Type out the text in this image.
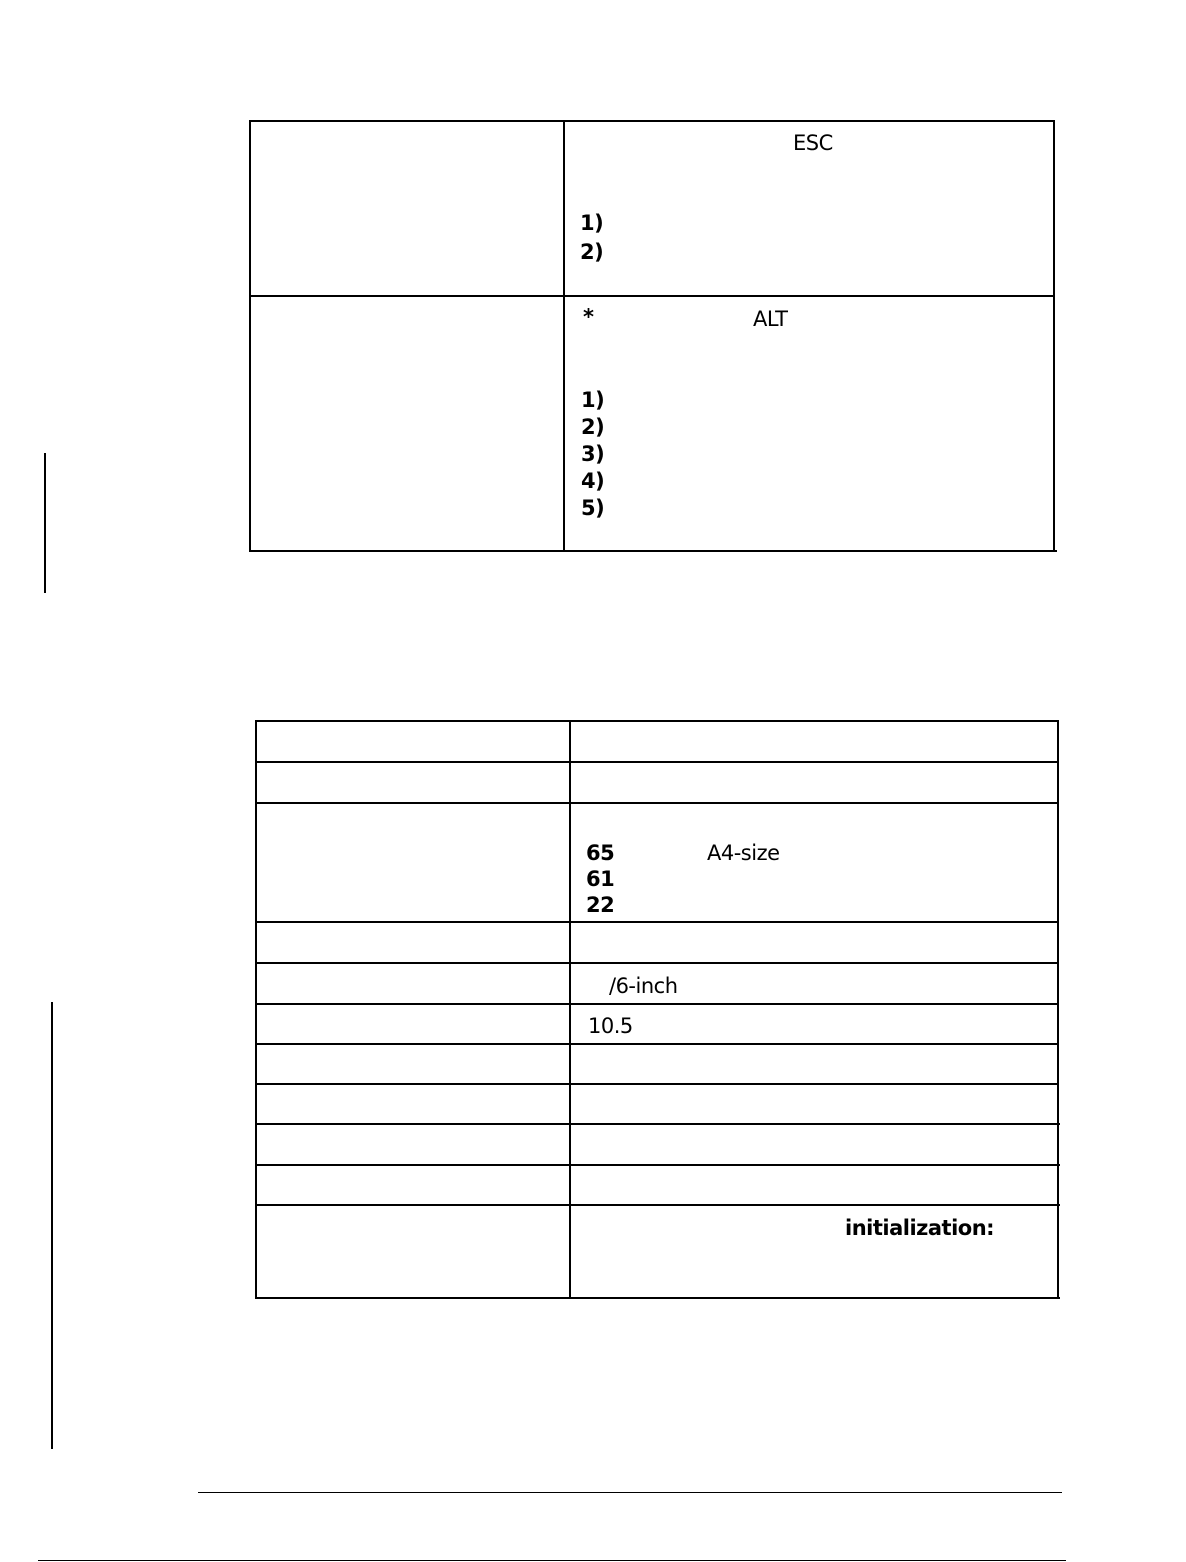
ESC
1)
2)
*	ALT
1)
2)
3)
4)
5)
65	A4-size
61
22
/6-inch
10.5
initialization:
